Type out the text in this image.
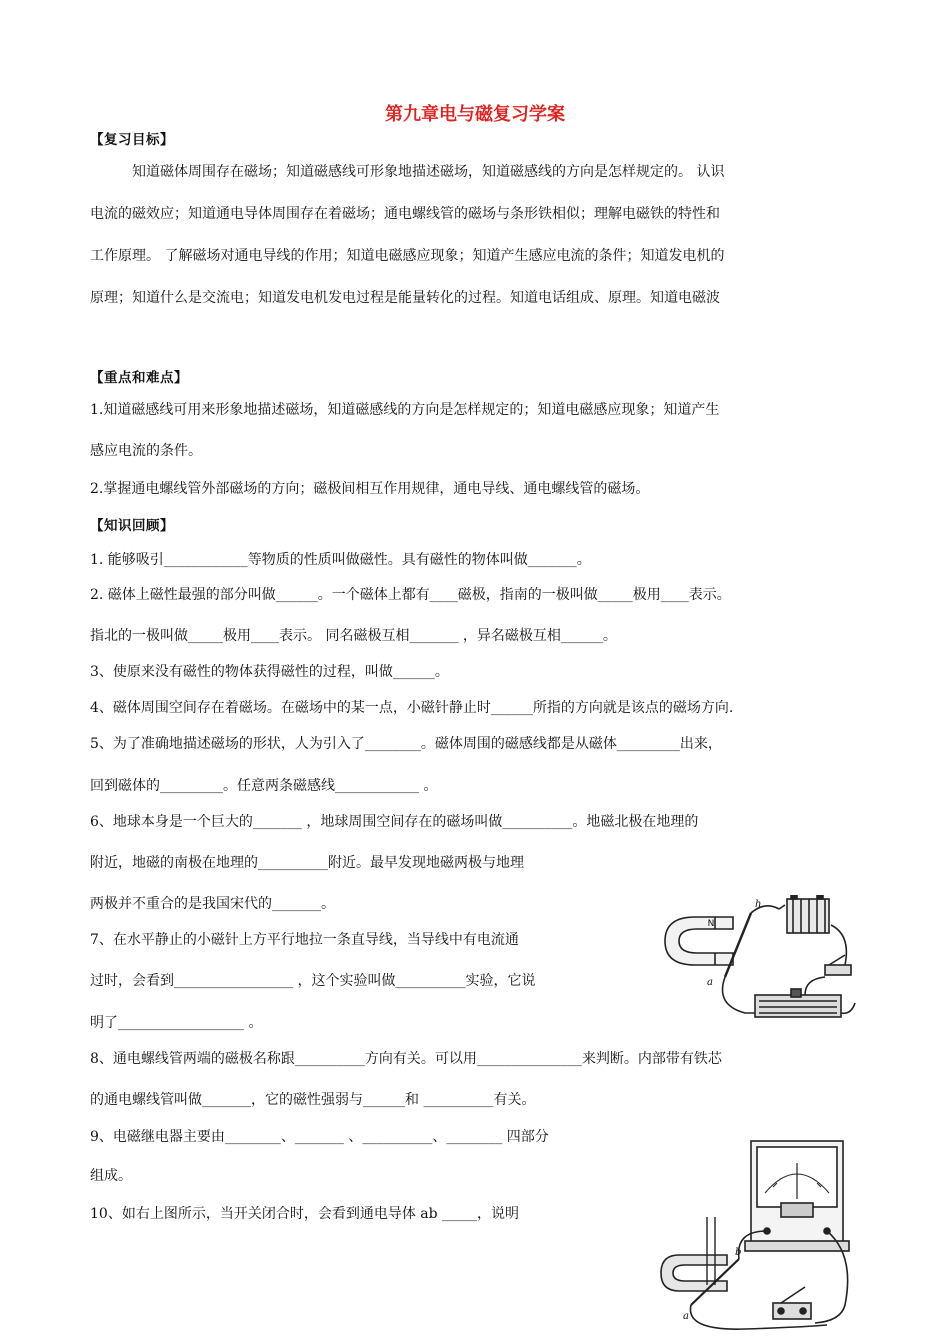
第九章电与磁复习学案
【复习目标】
知道磁体周围存在磁场；知道磁感线可形象地描述磁场，知道磁感线的方向是怎样规定的。 认识
电流的磁效应；知道通电导体周围存在着磁场；通电螺线管的磁场与条形铁相似；理解电磁铁的特性和
工作原理。 了解磁场对通电导线的作用；知道电磁感应现象；知道产生感应电流的条件；知道发电机的
原理；知道什么是交流电；知道发电机发电过程是能量转化的过程。知道电话组成、原理。知道电磁波
【重点和难点】
1.知道磁感线可用来形象地描述磁场，知道磁感线的方向是怎样规定的；知道电磁感应现象；知道产生
感应电流的条件。
2.掌握通电螺线管外部磁场的方向；磁极间相互作用规律，通电导线、通电螺线管的磁场。
【知识回顾】
1. 能够吸引____________等物质的性质叫做磁性。具有磁性的物体叫做_______。
2. 磁体上磁性最强的部分叫做______。一个磁体上都有____磁极，指南的一极叫做_____极用____表示。
指北的一极叫做_____极用____表示。 同名磁极互相_______ ，异名磁极互相______。
3、使原来没有磁性的物体获得磁性的过程，叫做______。
4、磁体周围空间存在着磁场。在磁场中的某一点，小磁针静止时______所指的方向就是该点的磁场方向.
5、为了准确地描述磁场的形状，人为引入了________。磁体周围的磁感线都是从磁体_________出来，
回到磁体的_________。任意两条磁感线____________ 。
6、地球本身是一个巨大的_______ ，地球周围空间存在的磁场叫做__________。地磁北极在地理的
附近，地磁的南极在地理的__________附近。最早发现地磁两极与地理
两极并不重合的是我国宋代的_______。
7、在水平静止的小磁针上方平行地拉一条直导线，当导线中有电流通
过时，会看到_________________ ，这个实验叫做__________实验，它说
明了__________________ 。
8、通电螺线管两端的磁极名称跟__________方向有关。可以用_______________来判断。内部带有铁芯
的通电螺线管叫做_______，它的磁性强弱与______和 __________有关。
9、电磁继电器主要由________、_______ 、__________、________ 四部分
组成。
10、如右上图所示，当开关闭合时，会看到通电导体 ab _____，说明
N
h
a
a
b
